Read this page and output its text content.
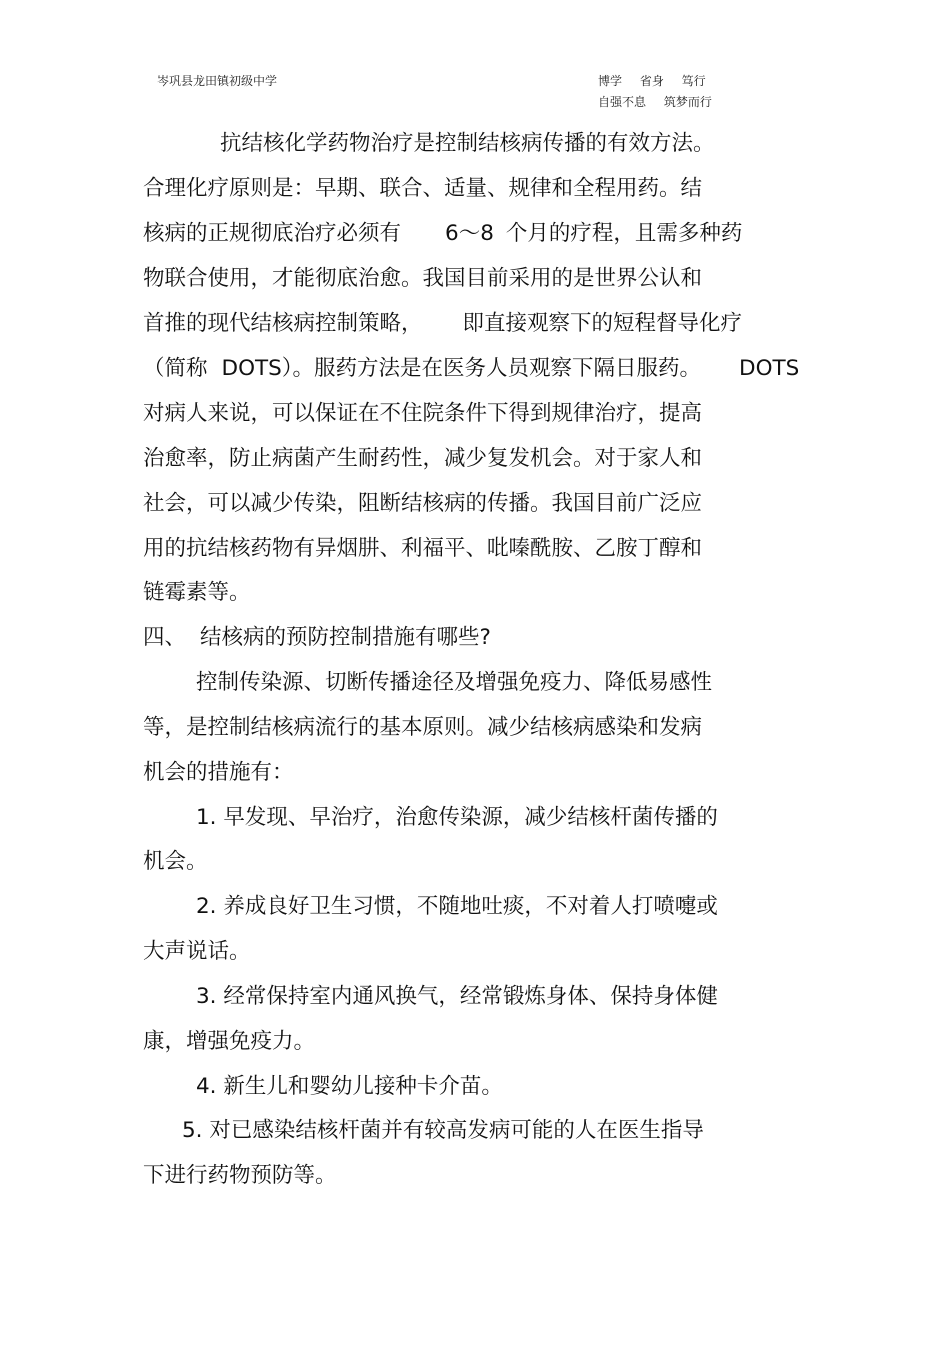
岑巩县龙田镇初级中学	博学 省身 笃行
自强不息 筑梦而行
抗结核化学药物治疗是控制结核病传播的有效方法。
合理化疗原则是：早期、联合、适量、规律和全程用药。结
核病的正规彻底治疗必须有 6～8 个月的疗程，且需多种药
物联合使用，才能彻底治愈。我国目前采用的是世界公认和
首推的现代结核病控制策略， 即直接观察下的短程督导化疗
（简称 DOTS）。服药方法是在医务人员观察下隔日服药。 DOTS
对病人来说，可以保证在不住院条件下得到规律治疗，提高
治愈率，防止病菌产生耐药性，减少复发机会。对于家人和
社会，可以减少传染，阻断结核病的传播。我国目前广泛应
用的抗结核药物有异烟肼、利福平、吡嗪酰胺、乙胺丁醇和
链霉素等。
四、 结核病的预防控制措施有哪些?
控制传染源、切断传播途径及增强免疫力、降低易感性
等，是控制结核病流行的基本原则。减少结核病感染和发病
机会的措施有：
1. 早发现、早治疗，治愈传染源，减少结核杆菌传播的
机会。
2. 养成良好卫生习惯，不随地吐痰，不对着人打喷嚏或
大声说话。
3. 经常保持室内通风换气，经常锻炼身体、保持身体健
康，增强免疫力。
4. 新生儿和婴幼儿接种卡介苗。
5. 对已感染结核杆菌并有较高发病可能的人在医生指导
下进行药物预防等。
